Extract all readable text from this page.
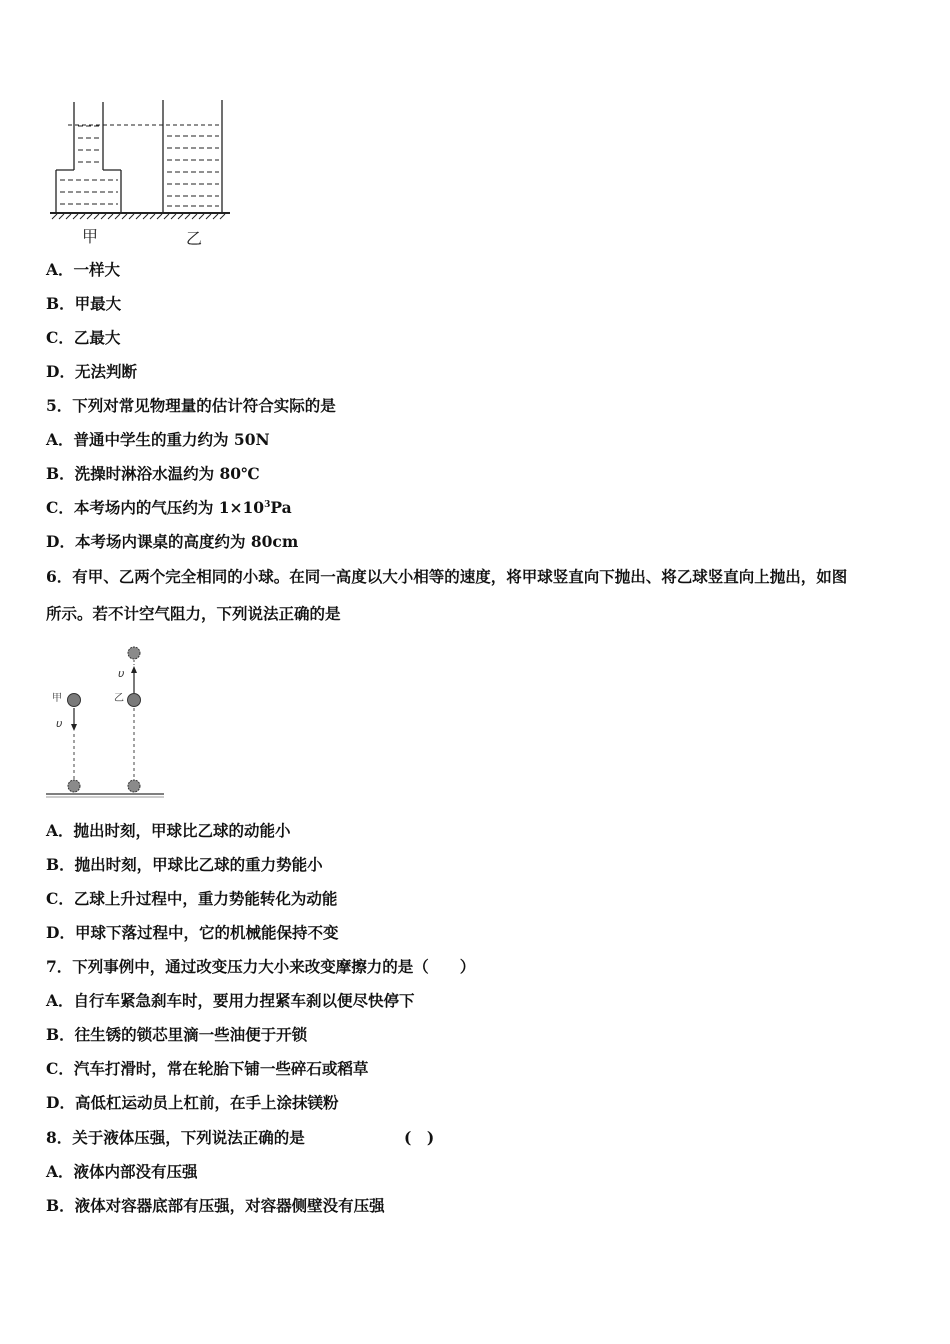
甲	乙
A．一样大
B．甲最大
C．乙最大
D．无法判断
5．下列对常见物理量的估计符合实际的是
A．普通中学生的重力约为 50N
B．洗操时淋浴水温约为 80℃
C．本考场内的气压约为 $1\times 10^3Pa$
D．本考场内课桌的高度约为 80cm
6．有甲、乙两个完全相同的小球。在同一高度以大小相等的速度，将甲球竖直向下抛出、将乙球竖直向上抛出，如图
所示。若不计空气阻力，下列说法正确的是
甲
υ
乙
υ
A．抛出时刻，甲球比乙球的动能小
B．抛出时刻，甲球比乙球的重力势能小
C．乙球上升过程中，重力势能转化为动能
D．甲球下落过程中，它的机械能保持不变
7．下列事例中，通过改变压力大小来改变摩擦力的是（　　）
A．自行车紧急刹车时，要用力捏紧车刹以便尽快停下
B．往生锈的锁芯里滴一些油便于开锁
C．汽车打滑时，常在轮胎下铺一些碎石或稻草
D．高低杠运动员上杠前，在手上涂抹镁粉
8．关于液体压强，下列说法正确的是	(　)
A．液体内部没有压强
B．液体对容器底部有压强，对容器侧壁没有压强
